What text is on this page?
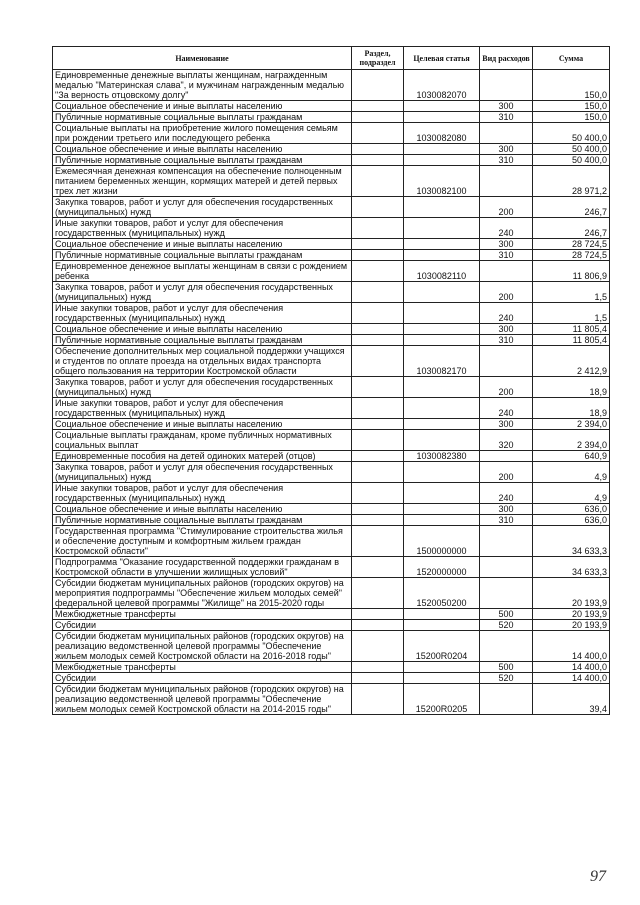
Наименование	Раздел, подраздел	Целевая статья	Вид расходов	Сумма
Единовременные денежные выплаты женщинам, награжденным медалью "Материнская слава", и мужчинам награжденным медалью "За верность отцовскому долгу"		1030082070		150,0
Социальное обеспечение и иные выплаты населению			300	150,0
Публичные нормативные социальные выплаты гражданам			310	150,0
Социальные выплаты на приобретение жилого помещения семьям при рождении третьего или последующего ребенка		1030082080		50 400,0
Социальное обеспечение и иные выплаты населению			300	50 400,0
Публичные нормативные социальные выплаты гражданам			310	50 400,0
Ежемесячная денежная компенсация на обеспечение полноценным питанием беременных женщин, кормящих матерей и детей первых трех лет жизни		1030082100		28 971,2
Закупка товаров, работ и услуг для обеспечения государственных (муниципальных) нужд			200	246,7
Иные закупки товаров, работ и услуг для обеспечения государственных (муниципальных) нужд			240	246,7
Социальное обеспечение и иные выплаты населению			300	28 724,5
Публичные нормативные социальные выплаты гражданам			310	28 724,5
Единовременное денежное выплаты женщинам в связи с рождением ребенка		1030082110		11 806,9
Закупка товаров, работ и услуг для обеспечения государственных (муниципальных) нужд			200	1,5
Иные закупки товаров, работ и услуг для обеспечения государственных (муниципальных) нужд			240	1,5
Социальное обеспечение и иные выплаты населению			300	11 805,4
Публичные нормативные социальные выплаты гражданам			310	11 805,4
Обеспечение дополнительных мер социальной поддержки учащихся и студентов по оплате проезда на отдельных видах транспорта общего пользования на территории Костромской области		1030082170		2 412,9
Закупка товаров, работ и услуг для обеспечения государственных (муниципальных) нужд			200	18,9
Иные закупки товаров, работ и услуг для обеспечения государственных (муниципальных) нужд			240	18,9
Социальное обеспечение и иные выплаты населению			300	2 394,0
Социальные выплаты гражданам, кроме публичных нормативных социальных выплат			320	2 394,0
Единовременные пособия на детей одиноких матерей (отцов)		1030082380		640,9
Закупка товаров, работ и услуг для обеспечения государственных (муниципальных) нужд			200	4,9
Иные закупки товаров, работ и услуг для обеспечения государственных (муниципальных) нужд			240	4,9
Социальное обеспечение и иные выплаты населению			300	636,0
Публичные нормативные социальные выплаты гражданам			310	636,0
Государственная программа "Стимулирование строительства жилья и обеспечение доступным и комфортным жильем граждан Костромской области"		1500000000		34 633,3
Подпрограмма "Оказание государственной поддержки гражданам в Костромской области в улучшении жилищных условий"		1520000000		34 633,3
Субсидии бюджетам муниципальных районов (городских округов) на мероприятия подпрограммы "Обеспечение жильем молодых семей" федеральной целевой программы "Жилище" на 2015-2020 годы		1520050200		20 193,9
Межбюджетные трансферты			500	20 193,9
Субсидии			520	20 193,9
Субсидии бюджетам муниципальных районов (городских округов) на реализацию ведомственной целевой программы "Обеспечение жильем молодых семей Костромской области на 2016-2018 годы"		15200R0204		14 400,0
Межбюджетные трансферты			500	14 400,0
Субсидии			520	14 400,0
Субсидии бюджетам муниципальных районов (городских округов) на реализацию ведомственной целевой программы "Обеспечение жильем молодых семей Костромской области на 2014-2015 годы"		15200R0205		39,4
97
